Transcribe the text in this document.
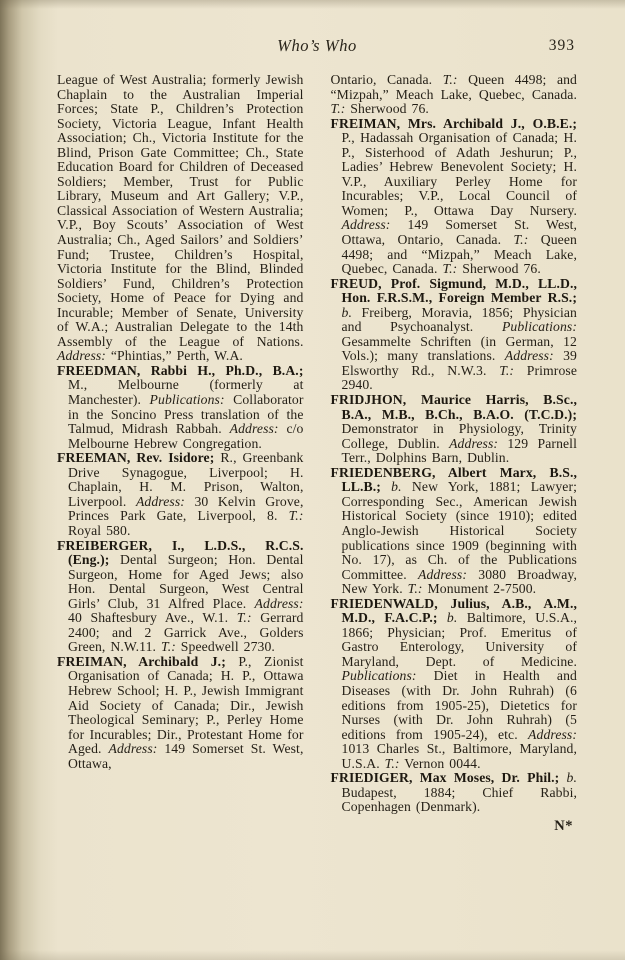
Who’s Who	393

League of West Australia; formerly Jewish Chaplain to the Australian Imperial Forces; State P., Children’s Protection Society, Victoria League, Infant Health Association; Ch., Victoria Institute for the Blind, Prison Gate Committee; Ch., State Education Board for Children of Deceased Soldiers; Member, Trust for Public Library, Museum and Art Gallery; V.P., Classical Association of Western Australia; V.P., Boy Scouts’ Association of West Australia; Ch., Aged Sailors’ and Soldiers’ Fund; Trustee, Children’s Hospital, Victoria Institute for the Blind, Blinded Soldiers’ Fund, Children’s Protection Society, Home of Peace for Dying and Incurable; Member of Senate, University of W.A.; Australian Delegate to the 14th Assembly of the League of Nations. Address: “Phintias,” Perth, W.A.

FREEDMAN, Rabbi H., Ph.D., B.A.; M., Melbourne (formerly at Manchester). Publications: Collaborator in the Soncino Press translation of the Talmud, Midrash Rabbah. Address: c/o Melbourne Hebrew Congregation.

FREEMAN, Rev. Isidore; R., Greenbank Drive Synagogue, Liverpool; H. Chaplain, H. M. Prison, Walton, Liverpool. Address: 30 Kelvin Grove, Princes Park Gate, Liverpool, 8. T.: Royal 580.

FREIBERGER, I., L.D.S., R.C.S. (Eng.); Dental Surgeon; Hon. Dental Surgeon, Home for Aged Jews; also Hon. Dental Surgeon, West Central Girls’ Club, 31 Alfred Place. Address: 40 Shaftesbury Ave., W.1. T.: Gerrard 2400; and 2 Garrick Ave., Golders Green, N.W.11. T.: Speedwell 2730.

FREIMAN, Archibald J.; P., Zionist Organisation of Canada; H. P., Ottawa Hebrew School; H. P., Jewish Immigrant Aid Society of Canada; Dir., Jewish Theological Seminary; P., Perley Home for Incurables; Dir., Protestant Home for Aged. Address: 149 Somerset St. West, Ottawa,

Ontario, Canada. T.: Queen 4498; and “Mizpah,” Meach Lake, Quebec, Canada. T.: Sherwood 76.

FREIMAN, Mrs. Archibald J., O.B.E.; P., Hadassah Organisation of Canada; H. P., Sisterhood of Adath Jeshurun; P., Ladies’ Hebrew Benevolent Society; H. V.P., Auxiliary Perley Home for Incurables; V.P., Local Council of Women; P., Ottawa Day Nursery. Address: 149 Somerset St. West, Ottawa, Ontario, Canada. T.: Queen 4498; and “Mizpah,” Meach Lake, Quebec, Canada. T.: Sherwood 76.

FREUD, Prof. Sigmund, M.D., LL.D., Hon. F.R.S.M., Foreign Member R.S.; b. Freiberg, Moravia, 1856; Physician and Psychoanalyst. Publications: Gesammelte Schriften (in German, 12 Vols.); many translations. Address: 39 Elsworthy Rd., N.W.3. T.: Primrose 2940.

FRIDJHON, Maurice Harris, B.Sc., B.A., M.B., B.Ch., B.A.O. (T.C.D.); Demonstrator in Physiology, Trinity College, Dublin. Address: 129 Parnell Terr., Dolphins Barn, Dublin.

FRIEDENBERG, Albert Marx, B.S., LL.B.; b. New York, 1881; Lawyer; Corresponding Sec., American Jewish Historical Society (since 1910); edited Anglo-Jewish Historical Society publications since 1909 (beginning with No. 17), as Ch. of the Publications Committee. Address: 3080 Broadway, New York. T.: Monument 2-7500.

FRIEDENWALD, Julius, A.B., A.M., M.D., F.A.C.P.; b. Baltimore, U.S.A., 1866; Physician; Prof. Emeritus of Gastro Enterology, University of Maryland, Dept. of Medicine. Publications: Diet in Health and Diseases (with Dr. John Ruhrah) (6 editions from 1905-25), Dietetics for Nurses (with Dr. John Ruhrah) (5 editions from 1905-24), etc. Address: 1013 Charles St., Baltimore, Maryland, U.S.A. T.: Vernon 0044.

FRIEDIGER, Max Moses, Dr. Phil.; b. Budapest, 1884; Chief Rabbi, Copenhagen (Denmark).

N*
